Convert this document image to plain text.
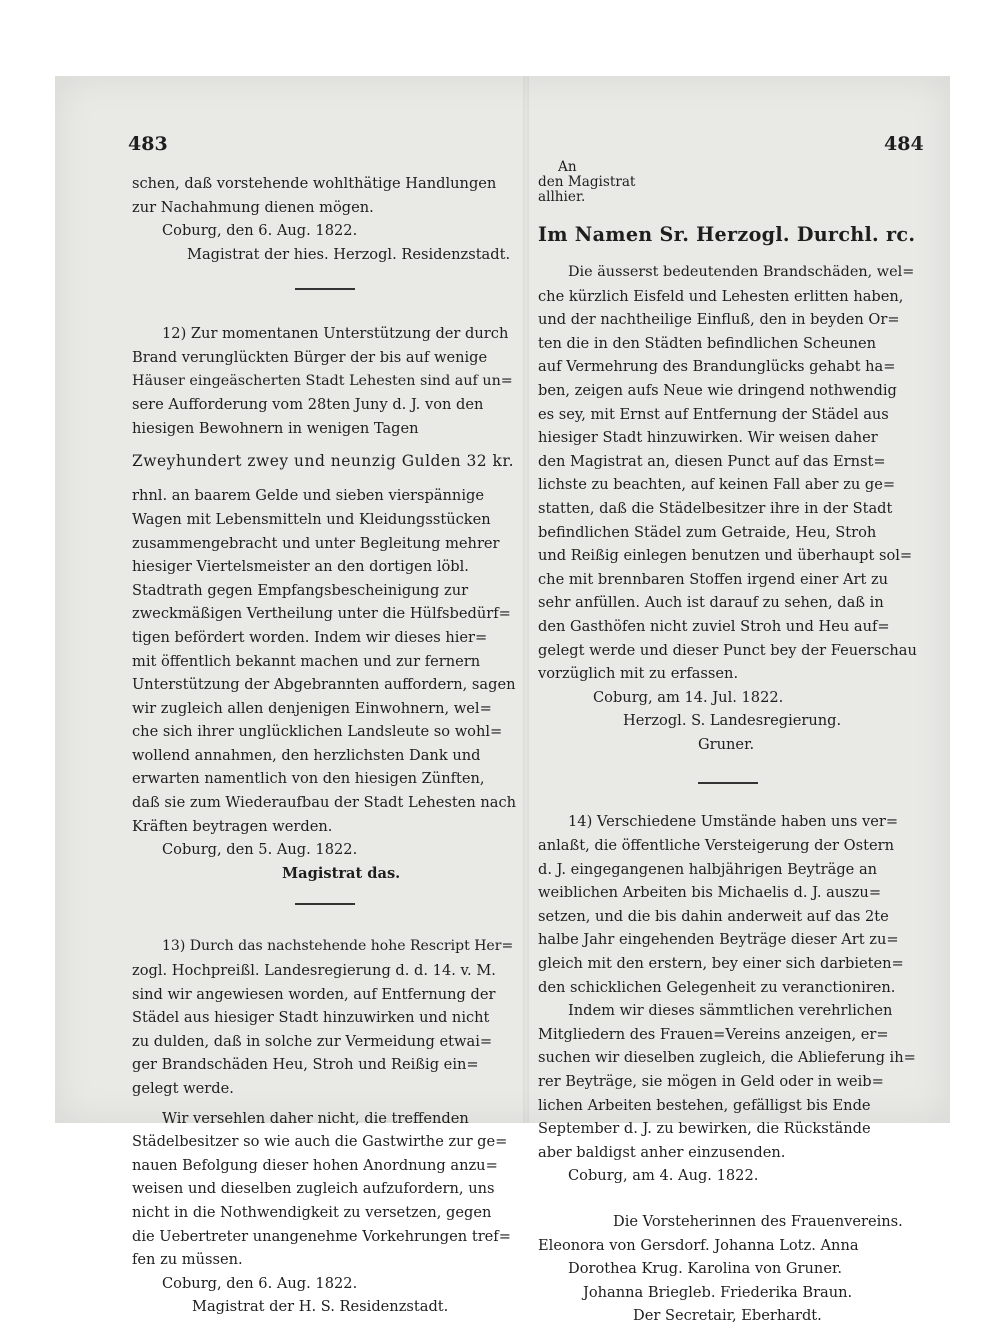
483	484
schen, daß vorstehende wohlthätige Handlungen
zur Nachahmung dienen mögen.
Coburg, den 6. Aug. 1822.
Magistrat der hies. Herzogl. Residenzstadt.
12) Zur momentanen Unterstützung der durch
Brand verunglückten Bürger der bis auf wenige
Häuser eingeäscherten Stadt Lehesten sind auf un=
sere Aufforderung vom 28ten Juny d. J. von den
hiesigen Bewohnern in wenigen Tagen
Zweyhundert zwey und neunzig Gulden 32 kr.
rhnl. an baarem Gelde und sieben vierspännige
Wagen mit Lebensmitteln und Kleidungsstücken
zusammengebracht und unter Begleitung mehrer
hiesiger Viertelsmeister an den dortigen löbl.
Stadtrath gegen Empfangsbescheinigung zur
zweckmäßigen Vertheilung unter die Hülfsbedürf=
tigen befördert worden. Indem wir dieses hier=
mit öffentlich bekannt machen und zur fernern
Unterstützung der Abgebrannten auffordern, sagen
wir zugleich allen denjenigen Einwohnern, wel=
che sich ihrer unglücklichen Landsleute so wohl=
wollend annahmen, den herzlichsten Dank und
erwarten namentlich von den hiesigen Zünften,
daß sie zum Wiederaufbau der Stadt Lehesten nach
Kräften beytragen werden.
Coburg, den 5. Aug. 1822.
Magistrat das.
13) Durch das nachstehende hohe Rescript Her=
zogl. Hochpreißl. Landesregierung d. d. 14. v. M.
sind wir angewiesen worden, auf Entfernung der
Städel aus hiesiger Stadt hinzuwirken und nicht
zu dulden, daß in solche zur Vermeidung etwai=
ger Brandschäden Heu, Stroh und Reißig ein=
gelegt werde.
Wir versehlen daher nicht, die treffenden
Städelbesitzer so wie auch die Gastwirthe zur ge=
nauen Befolgung dieser hohen Anordnung anzu=
weisen und dieselben zugleich aufzufordern, uns
nicht in die Nothwendigkeit zu versetzen, gegen
die Uebertreter unangenehme Vorkehrungen tref=
fen zu müssen.
Coburg, den 6. Aug. 1822.
Magistrat der H. S. Residenzstadt.
An
den Magistrat
allhier.
Im Namen Sr. Herzogl. Durchl. rc.
Die äusserst bedeutenden Brandschäden, wel=
che kürzlich Eisfeld und Lehesten erlitten haben,
und der nachtheilige Einfluß, den in beyden Or=
ten die in den Städten befindlichen Scheunen
auf Vermehrung des Brandunglücks gehabt ha=
ben, zeigen aufs Neue wie dringend nothwendig
es sey, mit Ernst auf Entfernung der Städel aus
hiesiger Stadt hinzuwirken. Wir weisen daher
den Magistrat an, diesen Punct auf das Ernst=
lichste zu beachten, auf keinen Fall aber zu ge=
statten, daß die Städelbesitzer ihre in der Stadt
befindlichen Städel zum Getraide, Heu, Stroh
und Reißig einlegen benutzen und überhaupt sol=
che mit brennbaren Stoffen irgend einer Art zu
sehr anfüllen. Auch ist darauf zu sehen, daß in
den Gasthöfen nicht zuviel Stroh und Heu auf=
gelegt werde und dieser Punct bey der Feuerschau
vorzüglich mit zu erfassen.
Coburg, am 14. Jul. 1822.
Herzogl. S. Landesregierung.
Gruner.
14) Verschiedene Umstände haben uns ver=
anlaßt, die öffentliche Versteigerung der Ostern
d. J. eingegangenen halbjährigen Beyträge an
weiblichen Arbeiten bis Michaelis d. J. auszu=
setzen, und die bis dahin anderweit auf das 2te
halbe Jahr eingehenden Beyträge dieser Art zu=
gleich mit den erstern, bey einer sich darbieten=
den schicklichen Gelegenheit zu veranctioniren.
Indem wir dieses sämmtlichen verehrlichen
Mitgliedern des Frauen=Vereins anzeigen, er=
suchen wir dieselben zugleich, die Ablieferung ih=
rer Beyträge, sie mögen in Geld oder in weib=
lichen Arbeiten bestehen, gefälligst bis Ende
September d. J. zu bewirken, die Rückstände
aber baldigst anher einzusenden.
Coburg, am 4. Aug. 1822.
Die Vorsteherinnen des Frauenvereins.
Eleonora von Gersdorf. Johanna Lotz. Anna
Dorothea Krug. Karolina von Gruner.
Johanna Briegleb. Friederika Braun.
Der Secretair, Eberhardt.
